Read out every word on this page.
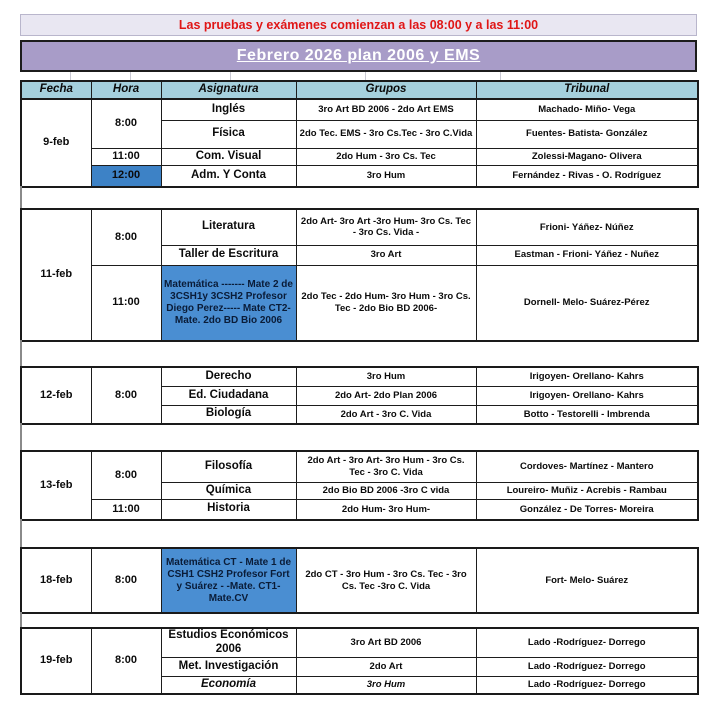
Las pruebas y exámenes comienzan a las 08:00 y a las 11:00
Febrero 2026 plan 2006 y EMS
Fecha	Hora	Asignatura	Grupos	Tribunal
9-feb	8:00	Inglés	3ro Art BD 2006 - 2do Art EMS	Machado- Miño- Vega
		Física	2do Tec. EMS - 3ro Cs.Tec - 3ro C.Vida	Fuentes- Batista- González
	11:00	Com. Visual	2do Hum - 3ro Cs. Tec	Zolessi-Magano- Olivera
	12:00	Adm. Y Conta	3ro Hum	Fernández - Rivas - O. Rodríguez
11-feb	8:00	Literatura	2do Art- 3ro Art -3ro Hum- 3ro Cs. Tec - 3ro Cs. Vida -	Frioni- Yáñez- Núñez
		Taller de Escritura	3ro Art	Eastman - Frioni- Yáñez - Nuñez
	11:00	Matemática ------- Mate 2 de 3CSH1y 3CSH2 Profesor Diego Perez----- Mate CT2-Mate. 2do BD Bio 2006	2do Tec - 2do Hum- 3ro Hum - 3ro Cs. Tec - 2do Bio BD 2006-	Dornell- Melo- Suárez-Pérez
12-feb	8:00	Derecho	3ro Hum	Irigoyen- Orellano- Kahrs
		Ed. Ciudadana	2do Art- 2do Plan 2006	Irigoyen- Orellano- Kahrs
		Biología	2do Art - 3ro C. Vida	Botto - Testorelli - Imbrenda
13-feb	8:00	Filosofía	2do Art - 3ro Art- 3ro Hum - 3ro Cs. Tec - 3ro C. Vida	Cordoves- Martínez - Mantero
		Química	2do Bio BD 2006 -3ro C vida	Loureiro- Muñiz - Acrebis - Rambau
	11:00	Historia	2do Hum- 3ro Hum-	González - De Torres- Moreira
18-feb	8:00	Matemática CT - Mate 1 de CSH1 CSH2 Profesor Fort y Suárez - -Mate. CT1- Mate.CV	2do CT - 3ro Hum - 3ro Cs. Tec - 3ro Cs. Tec -3ro C. Vida	Fort- Melo- Suárez
19-feb	8:00	Estudios Económicos 2006	3ro Art BD 2006	Lado -Rodríguez- Dorrego
		Met. Investigación	2do Art	Lado -Rodríguez- Dorrego
		Economía	3ro Hum	Lado -Rodríguez- Dorrego
